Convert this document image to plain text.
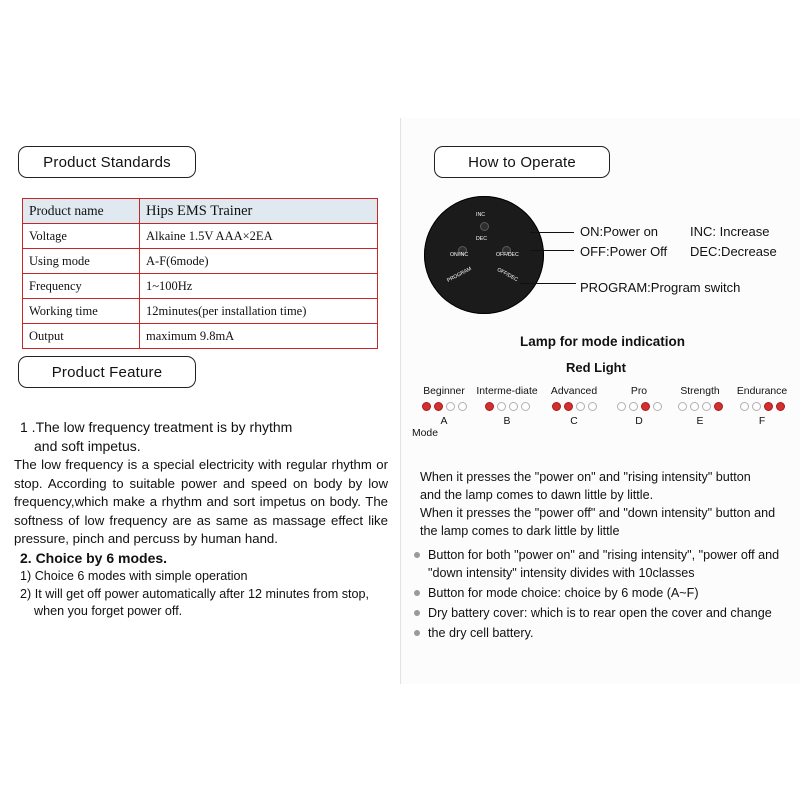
Product Standards
Product name	Hips EMS Trainer
Voltage	Alkaine 1.5V AAA×2EA
Using mode	A-F(6mode)
Frequency	1~100Hz
Working time	12minutes(per installation time)
Output	maximum 9.8mA
Product Feature
1 .The low frequency treatment is by rhythm
and soft impetus.
The low frequency is a special electricity with regular rhythm or stop. According to suitable power and speed on body by low frequency,which make a rhythm and sort impetus on body. The softness of low frequency are as same as massage effect like pressure, pinch and percuss by human hand.
2. Choice by 6 modes.
1) Choice 6 modes with simple operation
2) It will get off power automatically after 12 minutes from stop,
when you forget power off.
How to Operate
INC
DEC
ON/INC	OFF/DEC
PROGRAM	OFF/DEC
ON:Power on INC: Increase
OFF:Power Off DEC:Decrease
PROGRAM:Program switch
Lamp for mode indication
Red Light
Beginner
A
Interme-diate
B
Advanced
C
Pro
D
Strength
E
Endurance
F
Mode
When it presses the "power on" and "rising intensity" button
and the lamp comes to dawn little by little.
When it presses the "power off" and "down intensity" button and
the lamp comes to dark little by little
Button for both "power on" and "rising intensity", "power off and
"down intensity" intensity divides with 10classes
Button for mode choice: choice by 6 mode (A~F)
Dry battery cover: which is to rear open the cover and change
the dry cell battery.
